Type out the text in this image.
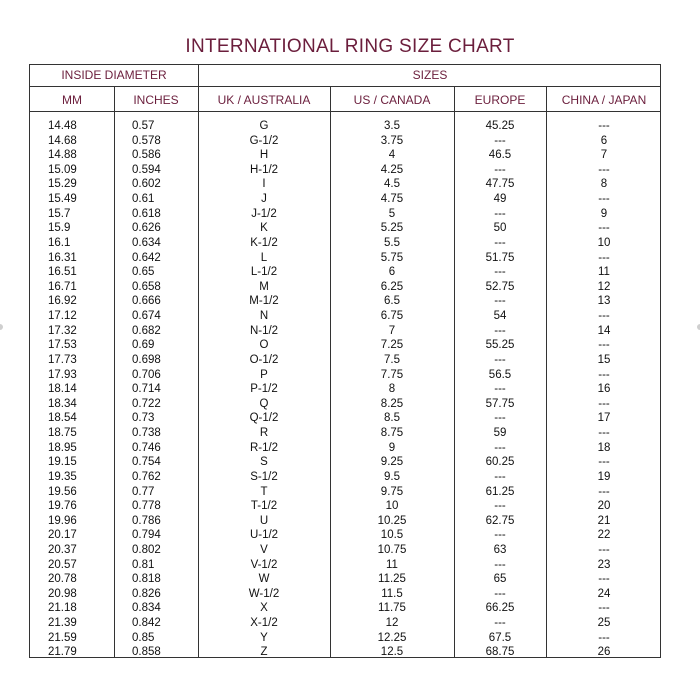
INTERNATIONAL RING SIZE CHART
INSIDE DIAMETER	SIZES
MM	INCHES	UK / AUSTRALIA	US / CANADA	EUROPE	CHINA / JAPAN
14.48	0.57	G	3.5	45.25	---
14.68	0.578	G-1/2	3.75	---	6
14.88	0.586	H	4	46.5	7
15.09	0.594	H-1/2	4.25	---	---
15.29	0.602	I	4.5	47.75	8
15.49	0.61	J	4.75	49	---
15.7	0.618	J-1/2	5	---	9
15.9	0.626	K	5.25	50	---
16.1	0.634	K-1/2	5.5	---	10
16.31	0.642	L	5.75	51.75	---
16.51	0.65	L-1/2	6	---	11
16.71	0.658	M	6.25	52.75	12
16.92	0.666	M-1/2	6.5	---	13
17.12	0.674	N	6.75	54	---
17.32	0.682	N-1/2	7	---	14
17.53	0.69	O	7.25	55.25	---
17.73	0.698	O-1/2	7.5	---	15
17.93	0.706	P	7.75	56.5	---
18.14	0.714	P-1/2	8	---	16
18.34	0.722	Q	8.25	57.75	---
18.54	0.73	Q-1/2	8.5	---	17
18.75	0.738	R	8.75	59	---
18.95	0.746	R-1/2	9	---	18
19.15	0.754	S	9.25	60.25	---
19.35	0.762	S-1/2	9.5	---	19
19.56	0.77	T	9.75	61.25	---
19.76	0.778	T-1/2	10	---	20
19.96	0.786	U	10.25	62.75	21
20.17	0.794	U-1/2	10.5	---	22
20.37	0.802	V	10.75	63	---
20.57	0.81	V-1/2	11	---	23
20.78	0.818	W	11.25	65	---
20.98	0.826	W-1/2	11.5	---	24
21.18	0.834	X	11.75	66.25	---
21.39	0.842	X-1/2	12	---	25
21.59	0.85	Y	12.25	67.5	---
21.79	0.858	Z	12.5	68.75	26
